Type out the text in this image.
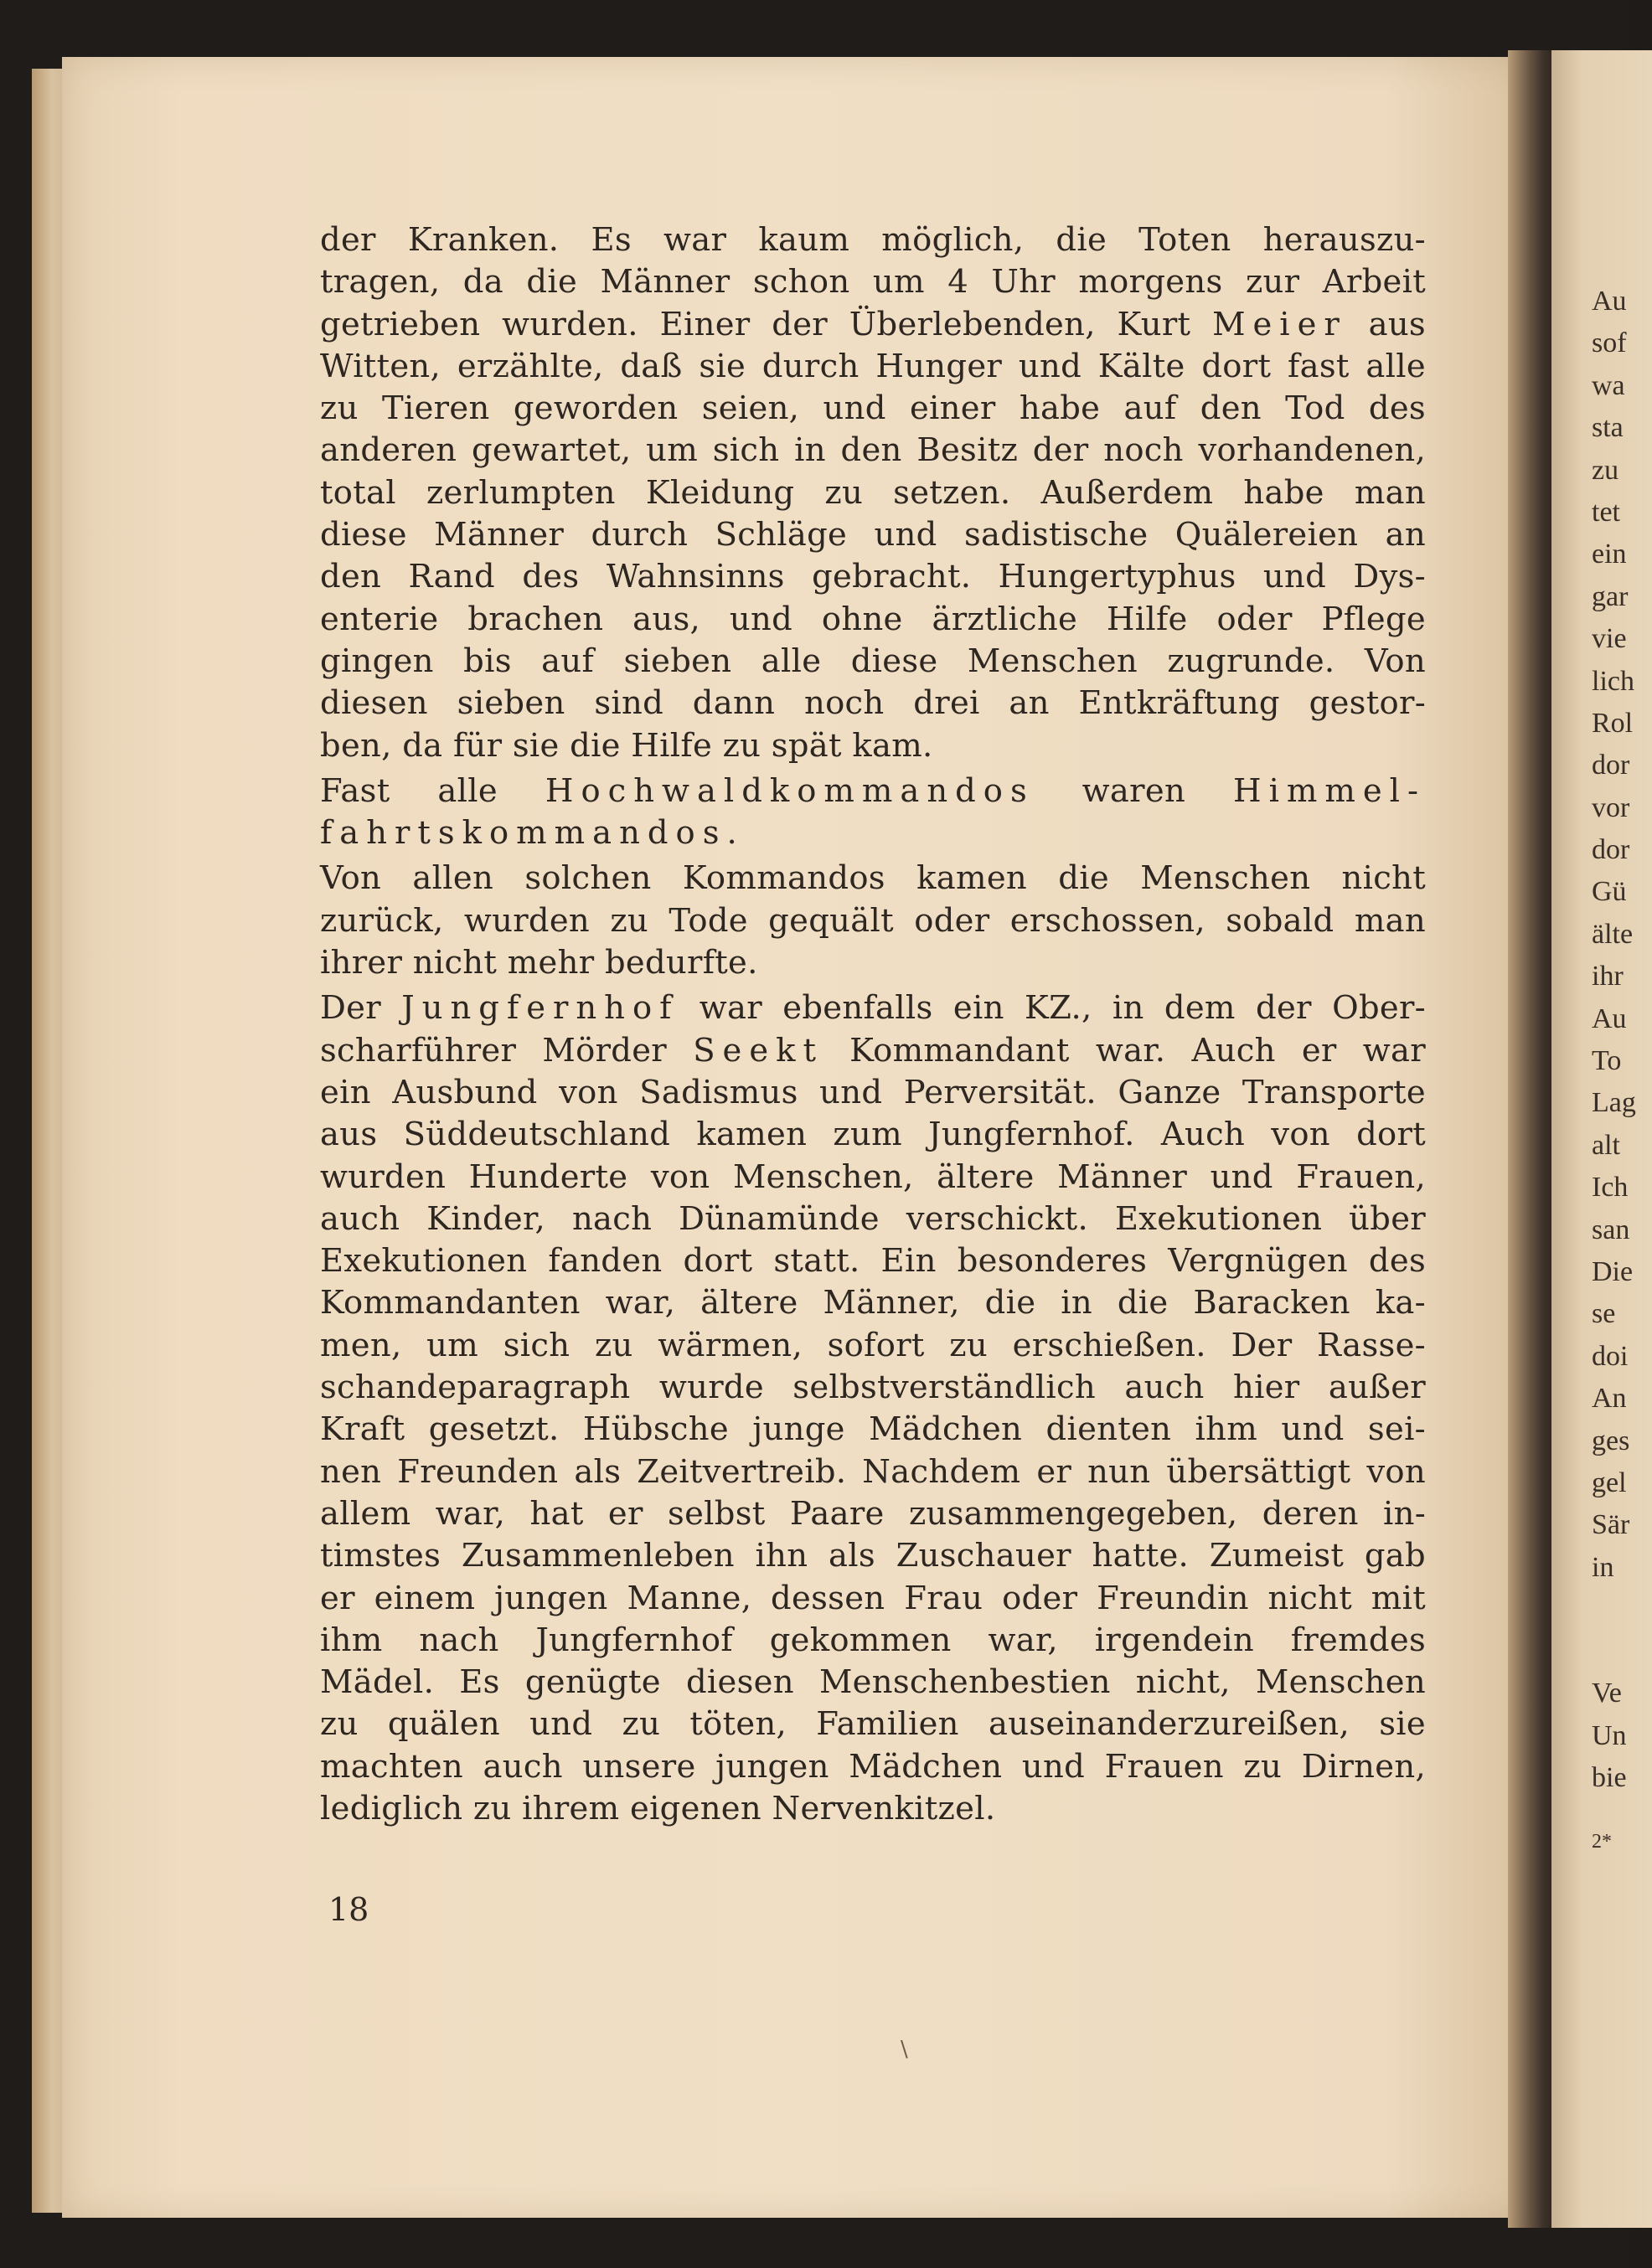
der Kranken. Es war kaum möglich, die Toten herauszu-
tragen, da die Männer schon um 4 Uhr morgens zur Arbeit
getrieben wurden. Einer der Überlebenden, Kurt Meier aus
Witten, erzählte, daß sie durch Hunger und Kälte dort fast alle
zu Tieren geworden seien, und einer habe auf den Tod des
anderen gewartet, um sich in den Besitz der noch vorhandenen,
total zerlumpten Kleidung zu setzen. Außerdem habe man
diese Männer durch Schläge und sadistische Quälereien an
den Rand des Wahnsinns gebracht. Hungertyphus und Dys-
enterie brachen aus, und ohne ärztliche Hilfe oder Pflege
gingen bis auf sieben alle diese Menschen zugrunde. Von
diesen sieben sind dann noch drei an Entkräftung gestor-
ben, da für sie die Hilfe zu spät kam.
Fast alle Hochwaldkommandos waren Himmel-
fahrtskommandos.
Von allen solchen Kommandos kamen die Menschen nicht
zurück, wurden zu Tode gequält oder erschossen, sobald man
ihrer nicht mehr bedurfte.
Der Jungfernhof war ebenfalls ein KZ., in dem der Ober-
scharführer Mörder Seekt Kommandant war. Auch er war
ein Ausbund von Sadismus und Perversität. Ganze Transporte
aus Süddeutschland kamen zum Jungfernhof. Auch von dort
wurden Hunderte von Menschen, ältere Männer und Frauen,
auch Kinder, nach Dünamünde verschickt. Exekutionen über
Exekutionen fanden dort statt. Ein besonderes Vergnügen des
Kommandanten war, ältere Männer, die in die Baracken ka-
men, um sich zu wärmen, sofort zu erschießen. Der Rasse-
schandeparagraph wurde selbstverständlich auch hier außer
Kraft gesetzt. Hübsche junge Mädchen dienten ihm und sei-
nen Freunden als Zeitvertreib. Nachdem er nun übersättigt von
allem war, hat er selbst Paare zusammengegeben, deren in-
timstes Zusammenleben ihn als Zuschauer hatte. Zumeist gab
er einem jungen Manne, dessen Frau oder Freundin nicht mit
ihm nach Jungfernhof gekommen war, irgendein fremdes
Mädel. Es genügte diesen Menschenbestien nicht, Menschen
zu quälen und zu töten, Familien auseinanderzureißen, sie
machten auch unsere jungen Mädchen und Frauen zu Dirnen,
lediglich zu ihrem eigenen Nervenkitzel.
18
\
Au
sof
wa
sta
zu
tet
ein
gar
vie
lich
Rol
dor
vor
dor
Gü
älte
ihr
Au
To
Lag
alt
Ich
san
Die
se
doi
An
ges
gel
Sär
in
Ve
Un
bie
2*
